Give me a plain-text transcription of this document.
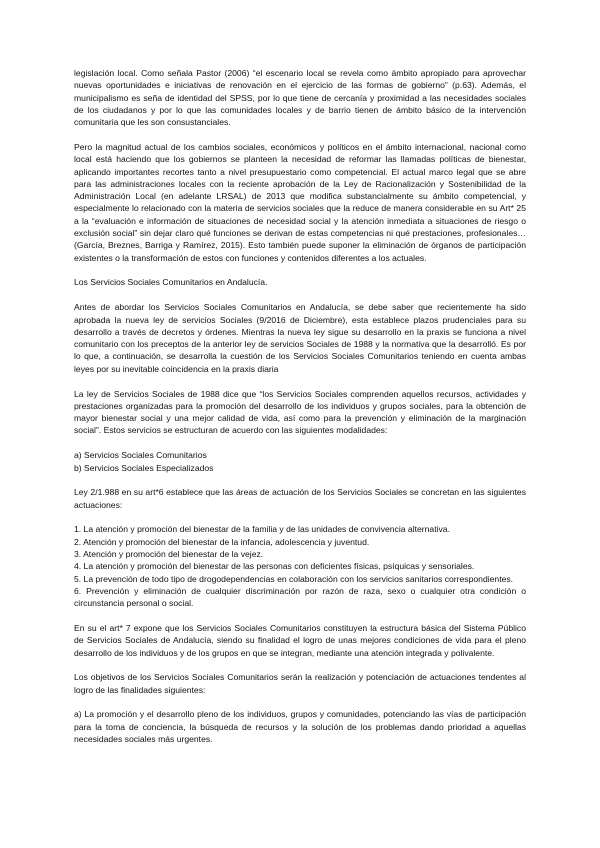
legislación local. Como señala Pastor (2006) “el escenario local se revela como ámbito apropiado para aprovechar nuevas oportunidades e iniciativas de renovación en el ejercicio de las formas de gobierno” (p.63). Además, el municipalismo es seña de identidad del SPSS, por lo que tiene de cercanía y proximidad a las necesidades sociales de los ciudadanos y por lo que las comunidades locales y de barrio tienen de ámbito básico de la intervención comunitaria que les son consustanciales.

Pero la magnitud actual de los cambios sociales, económicos y políticos en el ámbito internacional, nacional como local está haciendo que los gobiernos se planteen la necesidad de reformar las llamadas políticas de bienestar, aplicando importantes recortes tanto a nivel presupuestario como competencial. El actual marco legal que se abre para las administraciones locales con la reciente aprobación de la Ley de Racionalización y Sostenibilidad de la Administración Local (en adelante LRSAL) de 2013 que modifica substancialmente su ámbito competencial, y especialmente lo relacionado con la materia de servicios sociales que la reduce de manera considerable en su Art* 25 a la “evaluación e información de situaciones de necesidad social y la atención inmediata a situaciones de riesgo o exclusión social” sin dejar claro qué funciones se derivan de estas competencias ni qué prestaciones, profesionales… (García, Breznes, Barriga y Ramírez, 2015). Esto también puede suponer la eliminación de órganos de participación existentes o la transformación de estos con funciones y contenidos diferentes a los actuales.

Los Servicios Sociales Comunitarios en Andalucía.

Antes de abordar los Servicios Sociales Comunitarios en Andalucía, se debe saber que recientemente ha sido aprobada la nueva ley de servicios Sociales (9/2016 de Diciembre), esta establece plazos prudenciales para su desarrollo a través de decretos y órdenes. Mientras la nueva ley sigue su desarrollo en la praxis se funciona a nivel comunitario con los preceptos de la anterior ley de servicios Sociales de 1988 y la normativa que la desarrolló. Es por lo que, a continuación, se desarrolla la cuestión de los Servicios Sociales Comunitarios teniendo en cuenta ambas leyes por su inevitable coincidencia en la praxis diaria

La ley de Servicios Sociales de 1988 dice que “los Servicios Sociales comprenden aquellos recursos, actividades y prestaciones organizadas para la promoción del desarrollo de los individuos y grupos sociales, para la obtención de mayor bienestar social y una mejor calidad de vida, así como para la prevención y eliminación de la marginación social”. Estos servicios se estructuran de acuerdo con las siguientes modalidades:

a) Servicios Sociales Comunitarios
b) Servicios Sociales Especializados

Ley 2/1.988 en su art*6 establece que las áreas de actuación de los Servicios Sociales se concretan en las siguientes actuaciones:

1. La atención y promoción del bienestar de la familia y de las unidades de convivencia alternativa.
2. Atención y promoción del bienestar de la infancia, adolescencia y juventud.
3. Atención y promoción del bienestar de la vejez.
4. La atención y promoción del bienestar de las personas con deficientes físicas, psíquicas y sensoriales.
5. La prevención de todo tipo de drogodependencias en colaboración con los servicios sanitarios correspondientes.
6. Prevención y eliminación de cualquier discriminación por razón de raza, sexo o cualquier otra condición o circunstancia personal o social.

En su el art* 7 expone que los Servicios Sociales Comunitarios constituyen la estructura básica del Sistema Público de Servicios Sociales de Andalucía, siendo su finalidad el logro de unas mejores condiciones de vida para el pleno desarrollo de los individuos y de los grupos en que se integran, mediante una atención integrada y polivalente.

Los objetivos de los Servicios Sociales Comunitarios serán la realización y potenciación de actuaciones tendentes al logro de las finalidades siguientes:

a) La promoción y el desarrollo pleno de los individuos, grupos y comunidades, potenciando las vías de participación para la toma de conciencia, la búsqueda de recursos y la solución de los problemas dando prioridad a aquellas necesidades sociales más urgentes.
